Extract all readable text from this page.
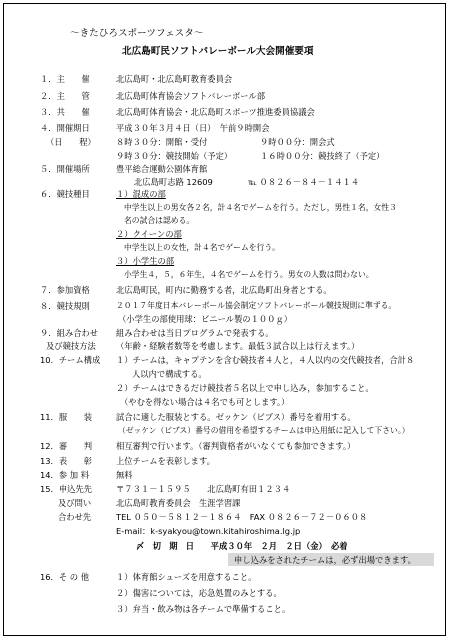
～きたひろスポーツフェスタ～
北広島町民ソフトバレーボール大会開催要項
１．主　　催	北広島町・北広島町教育委員会
２．主　　管	北広島町体育協会ソフトバレーボール部
３．共　　催	北広島町体育協会・北広島町スポーツ推進委員協議会
４．開催期日	平成３０年３月４日（日）　午前９時開会
（日　　程） ８時３０分：開館・受付	９時００分：開会式
９時３０分：競技開始（予定）	１６時００分：競技終了（予定）
５．開催場所	豊平総合運動公園体育館
北広島町志路 12609	℡ ０８２６－８４－１４１４
６．競技種目	１）混成の部
中学生以上の男女各２名，計４名でゲームを行う。ただし，男性１名，女性３
名の試合は認める。
２）クイーンの部
中学生以上の女性，計４名でゲームを行う。
３）小学生の部
小学生４，５，６年生，４名でゲームを行う。男女の人数は問わない。
７．参加資格	北広島町民，町内に勤務する者，北広島町出身者とする。
８．競技規則	２０１７年度日本バレーボール協会制定ソフトバレーボール競技規則に準ずる。
（小学生の部使用球：ビニール製の１００ｇ）
９．組み合わせ 組み合わせは当日プログラムで発表する。
及び競技方法 （年齢・経験者数等を考慮します。最低３試合以上は行えます。）
10．チーム構成 １）チームは，キャプテンを含む競技者４人と，４人以内の交代競技者，合計８
人以内で構成する。
２）チームはできるだけ競技者５名以上で申し込み，参加すること。
（やむを得ない場合は４名でも可とします。）
11．服　　装	試合に適した服装とする。ゼッケン（ビブス）番号を着用する。
（ゼッケン（ビブス）番号の借用を希望するチームは申込用紙に記入して下さい。）
12．審　　判	相互審判で行います。（審判資格者がいなくても参加できます。）
13．表　　彰	上位チームを表彰します。
14．参 加 料	無料
15．申込先先	〒７３１－１５９５　　北広島町有田１２３４
及び問い	北広島町教育委員会　生涯学習課
合わせ先	TEL ０５０－５８１２－１８６４　FAX ０８２６－７２－０６０８
E-mail：k-syakyou@town.kitahiroshima.lg.jp
〆　切　期　日　　平成３０年　２月　２日（金）　必着
申し込みをされたチームは，必ず出場できます。
16．そ の 他	１）体育館シューズを用意すること。
２）傷害については，応急処置のみとする。
３）弁当・飲み物は各チームで準備すること。
